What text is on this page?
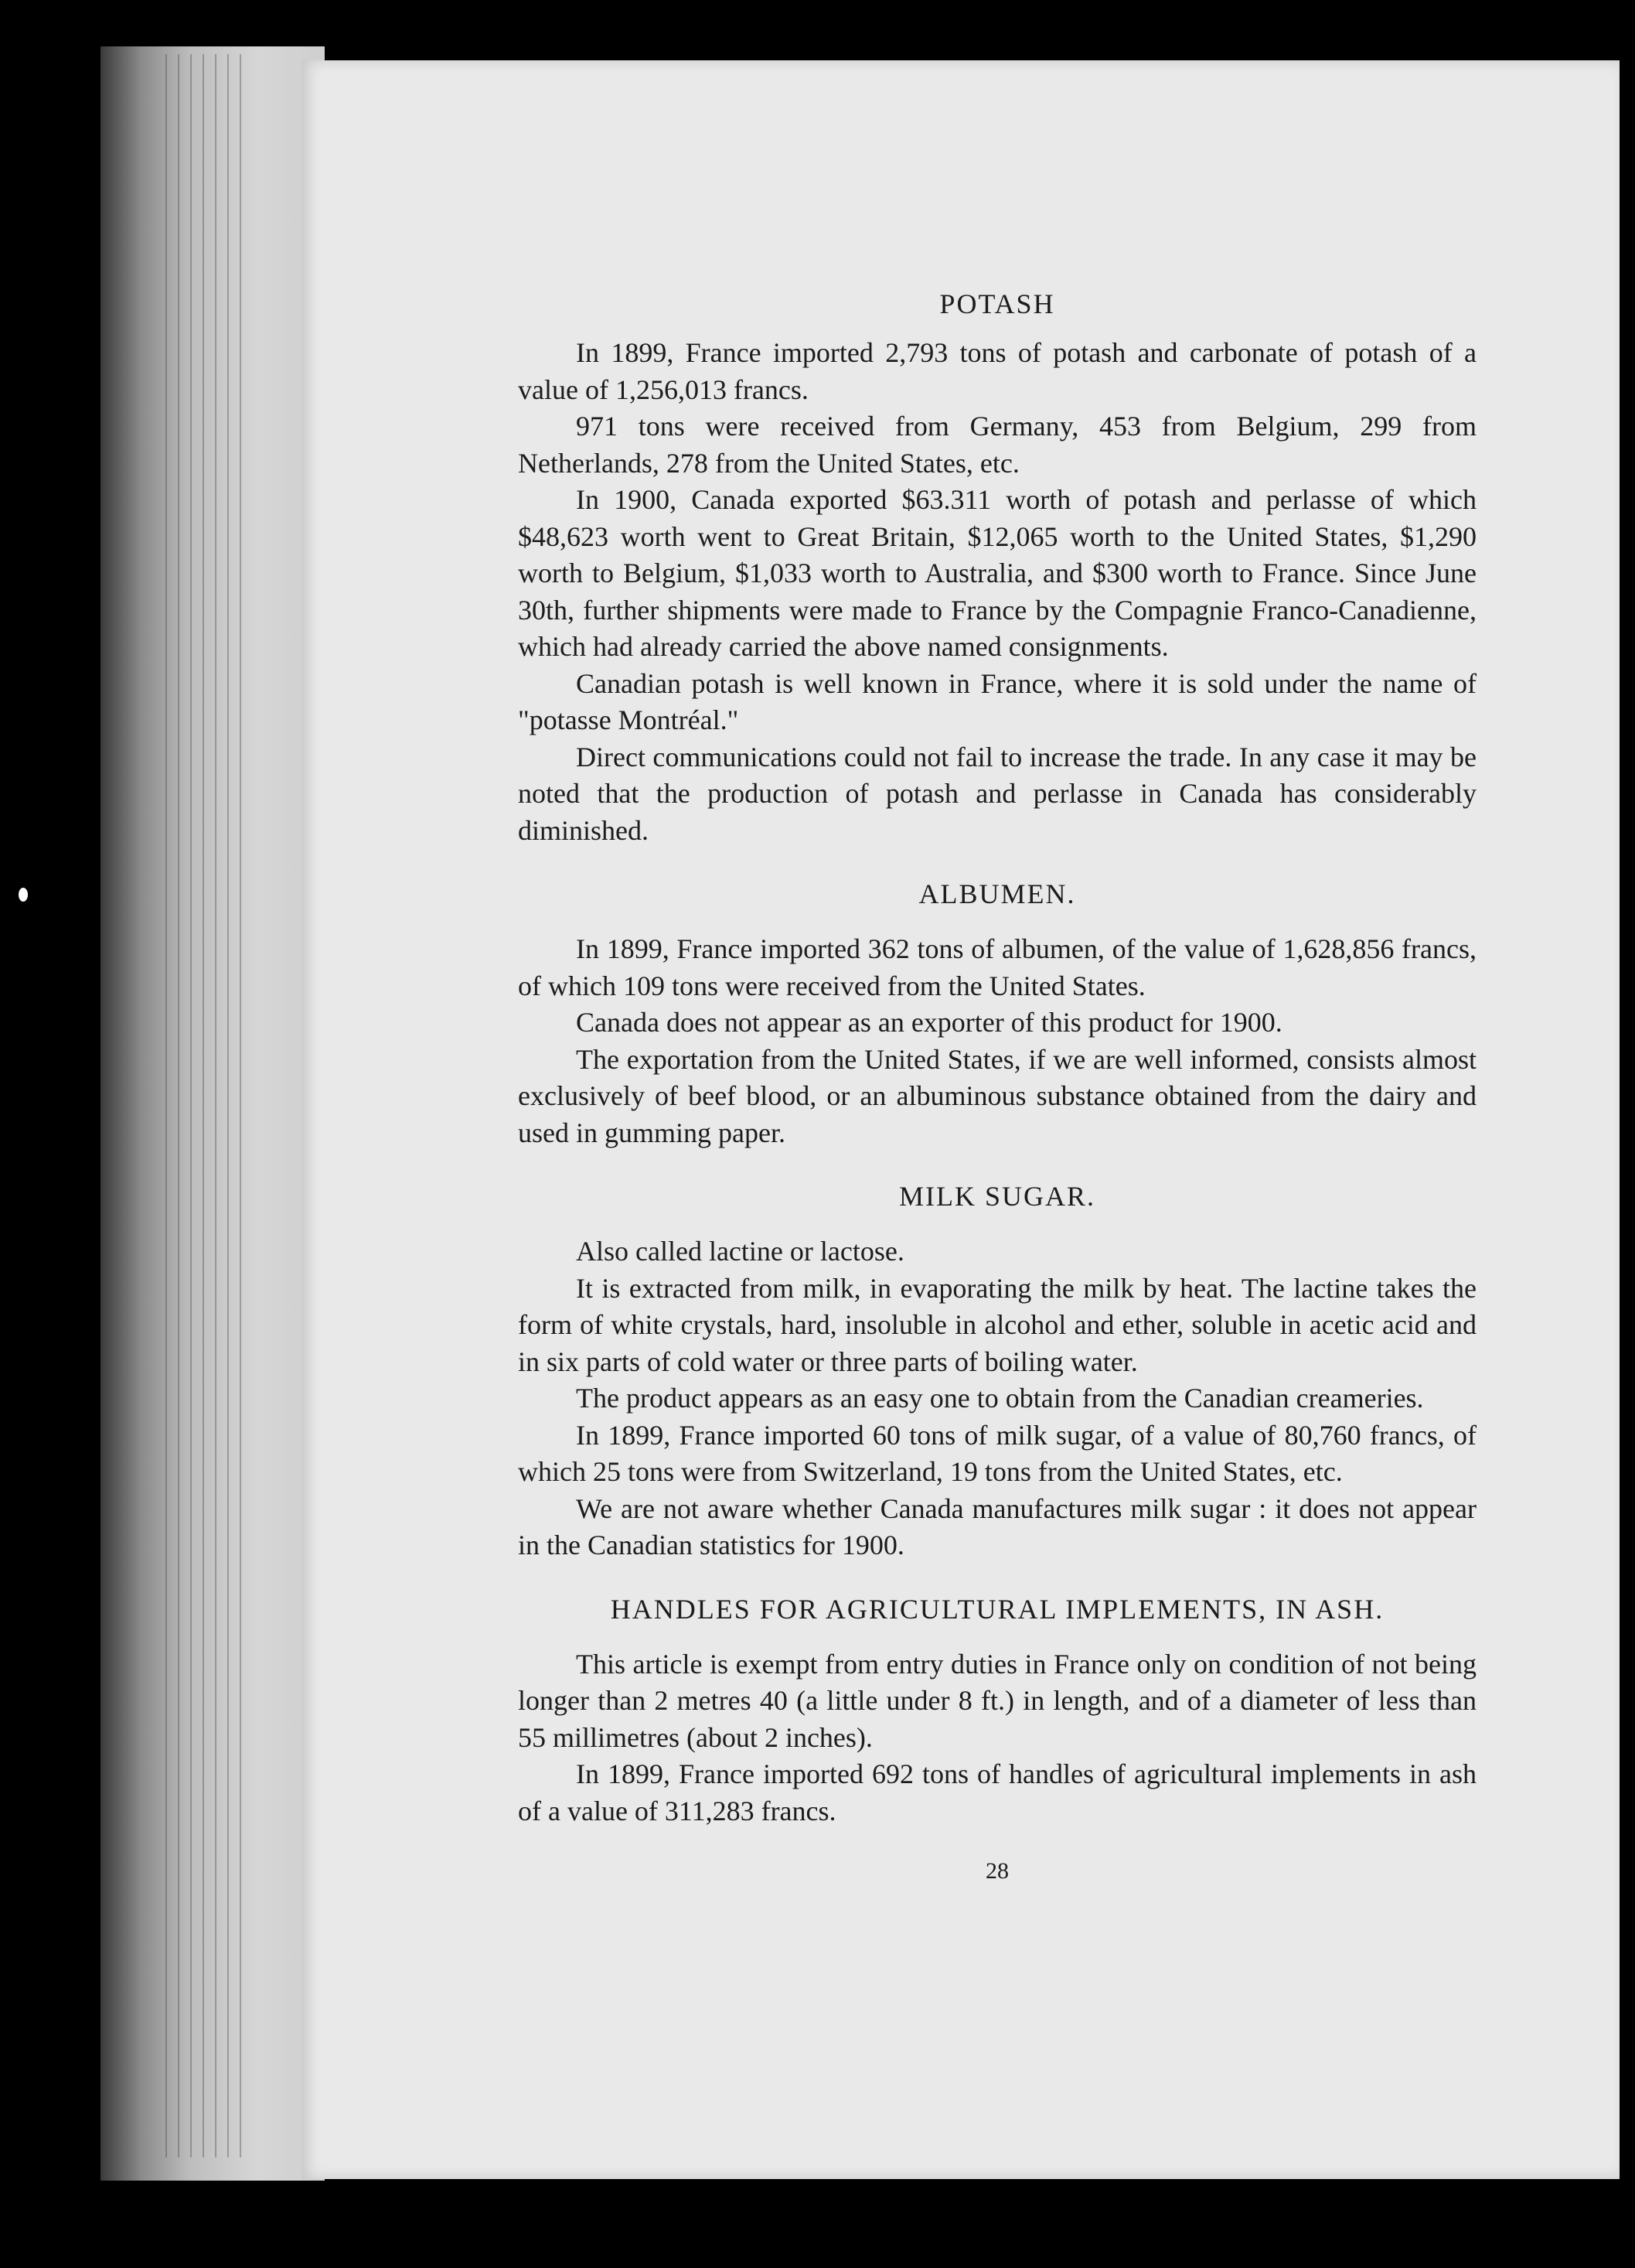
POTASH

In 1899, France imported 2,793 tons of potash and carbonate of potash of a value of 1,256,013 francs.

971 tons were received from Germany, 453 from Belgium, 299 from Netherlands, 278 from the United States, etc.

In 1900, Canada exported $63.311 worth of potash and perlasse of which $48,623 worth went to Great Britain, $12,065 worth to the United States, $1,290 worth to Belgium, $1,033 worth to Australia, and $300 worth to France. Since June 30th, further shipments were made to France by the Compagnie Franco-Canadienne, which had already carried the above named consignments.

Canadian potash is well known in France, where it is sold under the name of "potasse Montréal."

Direct communications could not fail to increase the trade. In any case it may be noted that the production of potash and perlasse in Canada has considerably diminished.

ALBUMEN.

In 1899, France imported 362 tons of albumen, of the value of 1,628,856 francs, of which 109 tons were received from the United States.

Canada does not appear as an exporter of this product for 1900.

The exportation from the United States, if we are well informed, consists almost exclusively of beef blood, or an albuminous substance obtained from the dairy and used in gumming paper.

MILK SUGAR.

Also called lactine or lactose.

It is extracted from milk, in evaporating the milk by heat. The lactine takes the form of white crystals, hard, insoluble in alcohol and ether, soluble in acetic acid and in six parts of cold water or three parts of boiling water.

The product appears as an easy one to obtain from the Canadian creameries.

In 1899, France imported 60 tons of milk sugar, of a value of 80,760 francs, of which 25 tons were from Switzerland, 19 tons from the United States, etc.

We are not aware whether Canada manufactures milk sugar : it does not appear in the Canadian statistics for 1900.

HANDLES FOR AGRICULTURAL IMPLEMENTS, IN ASH.

This article is exempt from entry duties in France only on condition of not being longer than 2 metres 40 (a little under 8 ft.) in length, and of a diameter of less than 55 millimetres (about 2 inches).

In 1899, France imported 692 tons of handles of agricultural implements in ash of a value of 311,283 francs.

28
